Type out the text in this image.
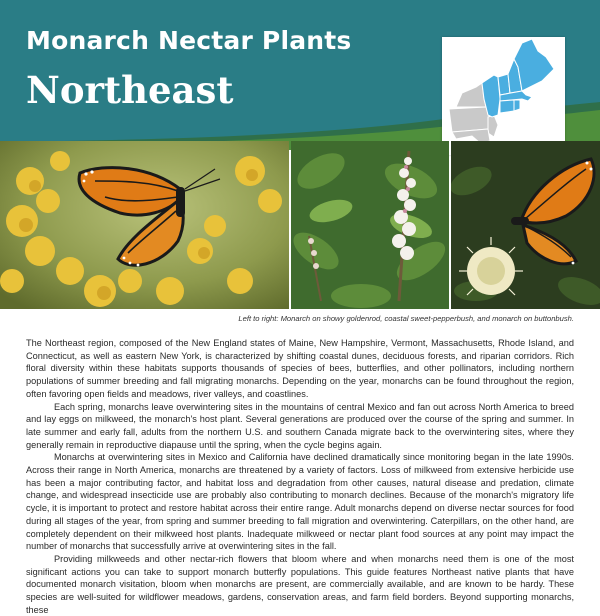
Monarch Nectar Plants
Northeast
Left to right: Monarch on showy goldenrod, coastal sweet-pepperbush, and monarch on buttonbush.

The Northeast region, composed of the New England states of Maine, New Hampshire, Vermont, Massachusetts, Rhode Island, and Connecticut, as well as eastern New York, is characterized by shifting coastal dunes, deciduous forests, and riparian corridors. Rich floral diversity within these habitats supports thousands of species of bees, butterflies, and other pollinators, including northern populations of summer breeding and fall migrating monarchs. Depending on the year, monarchs can be found throughout the region, often favoring open fields and meadows, river valleys, and coastlines.

Each spring, monarchs leave overwintering sites in the mountains of central Mexico and fan out across North America to breed and lay eggs on milkweed, the monarch's host plant. Several generations are produced over the course of the spring and summer. In late summer and early fall, adults from the northern U.S. and southern Canada migrate back to the overwintering sites, where they generally remain in reproductive diapause until the spring, when the cycle begins again.

Monarchs at overwintering sites in Mexico and California have declined dramatically since monitoring began in the late 1990s. Across their range in North America, monarchs are threatened by a variety of factors. Loss of milkweed from extensive herbicide use has been a major contributing factor, and habitat loss and degradation from other causes, natural disease and predation, climate change, and widespread insecticide use are probably also contributing to monarch declines. Because of the monarch's migratory life cycle, it is important to protect and restore habitat across their entire range. Adult monarchs depend on diverse nectar sources for food during all stages of the year, from spring and summer breeding to fall migration and overwintering. Caterpillars, on the other hand, are completely dependent on their milkweed host plants. Inadequate milkweed or nectar plant food sources at any point may impact the number of monarchs that successfully arrive at overwintering sites in the fall.

Providing milkweeds and other nectar-rich flowers that bloom where and when monarchs need them is one of the most significant actions you can take to support monarch butterfly populations. This guide features Northeast native plants that have documented monarch visitation, bloom when monarchs are present, are commercially available, and are known to be hardy. These species are well-suited for wildflower meadows, gardens, conservation areas, and farm field borders. Beyond supporting monarchs, these
